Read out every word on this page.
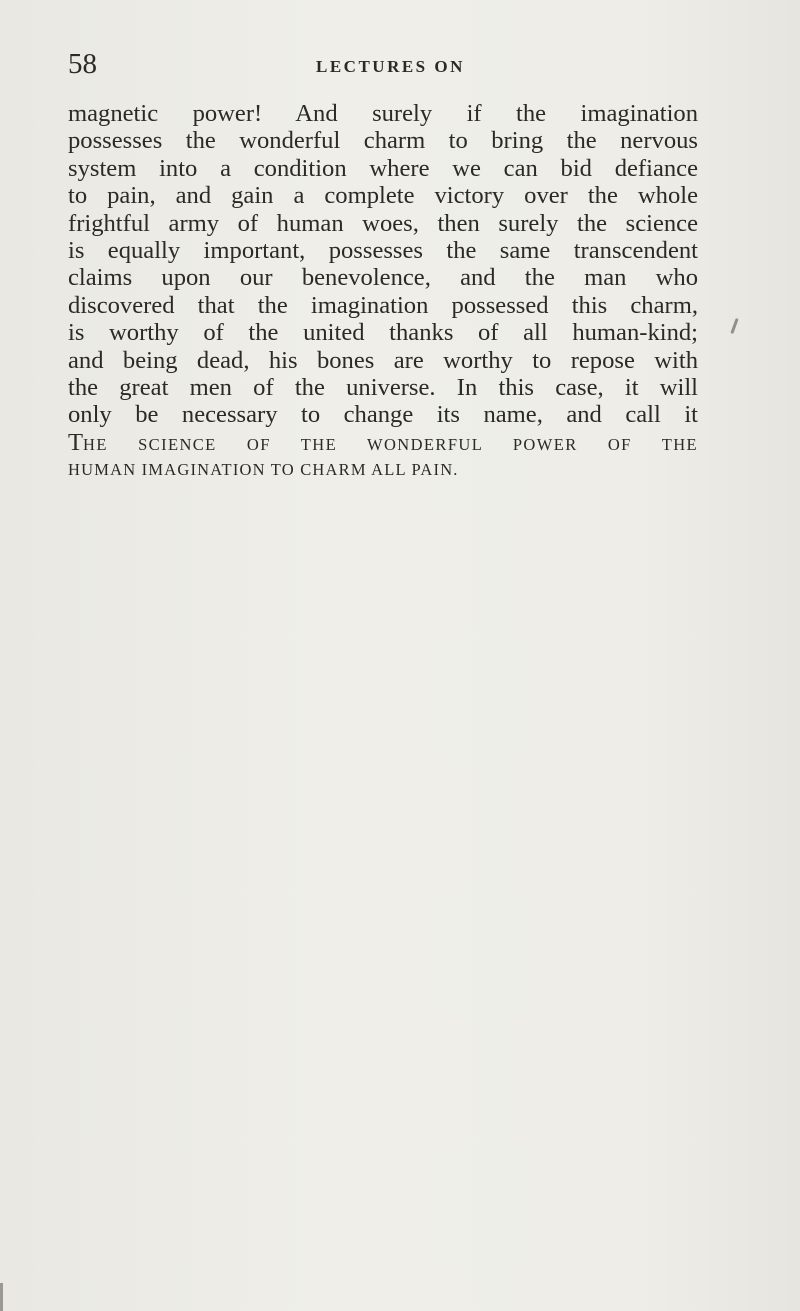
58	LECTURES ON
magnetic power! And surely if the imagination
possesses the wonderful charm to bring the nervous
system into a condition where we can bid defiance
to pain, and gain a complete victory over the whole
frightful army of human woes, then surely the science
is equally important, possesses the same transcendent
claims upon our benevolence, and the man who
discovered that the imagination possessed this charm,
is worthy of the united thanks of all human-kind;
and being dead, his bones are worthy to repose with
the great men of the universe. In this case, it will
only be necessary to change its name, and call it
THE SCIENCE OF THE WONDERFUL POWER OF THE
HUMAN IMAGINATION TO CHARM ALL PAIN.
